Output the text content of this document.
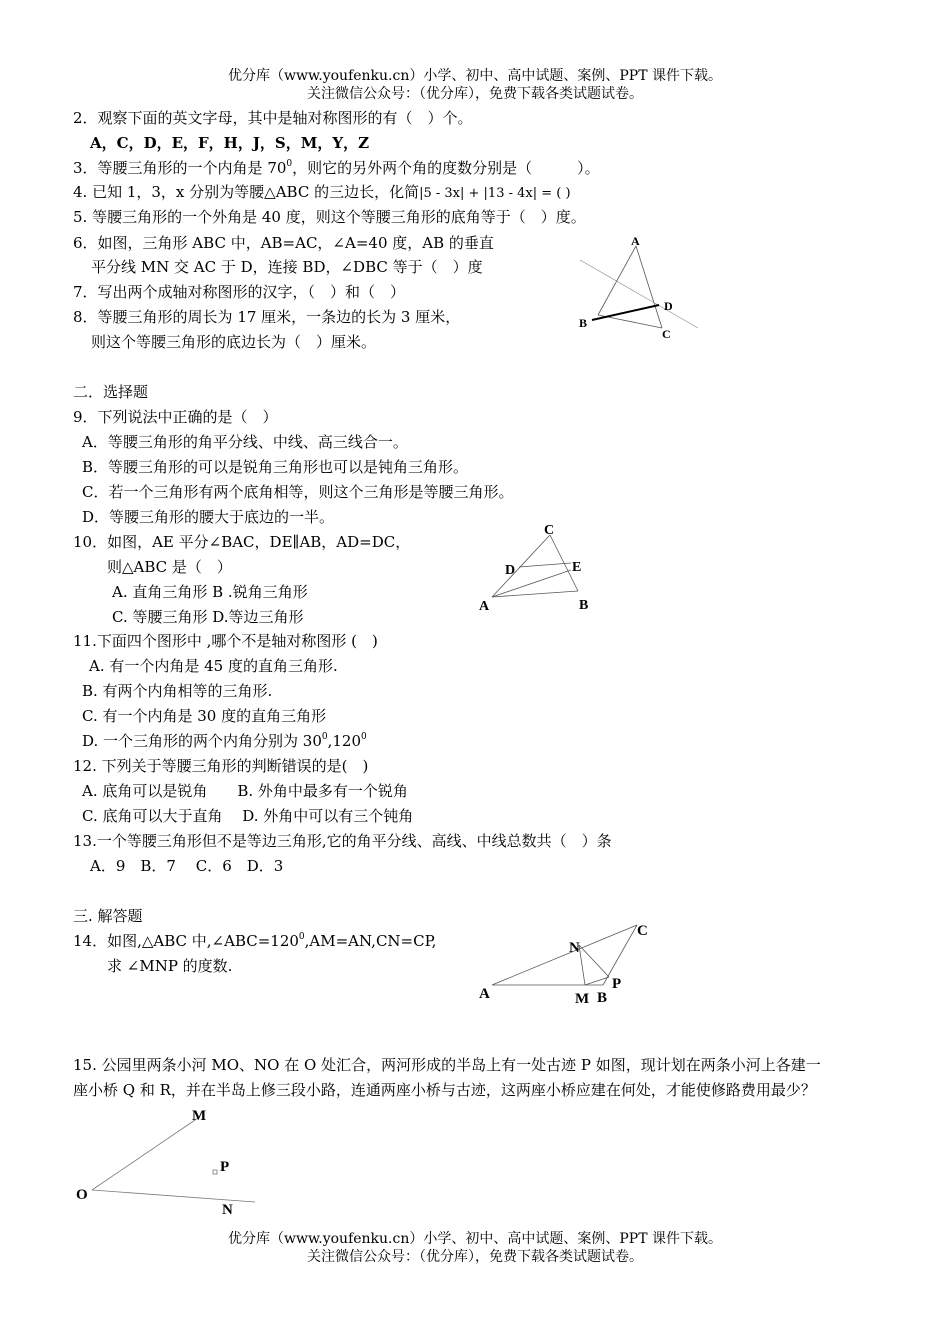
优分库（www.youfenku.cn）小学、初中、高中试题、案例、PPT 课件下载。
关注微信公众号：（优分库），免费下载各类试题试卷。
2．观察下面的英文字母，其中是轴对称图形的有（　）个。
A，C，D，E，F，H，J，S，M，Y，Z
3．等腰三角形的一个内角是 $70^0$，则它的另外两个角的度数分别是（　　　）。
4. 已知 1，3，x 分别为等腰△ABC 的三边长，化简|5 - 3x| + |13 - 4x| = ( )
5. 等腰三角形的一个外角是 40 度，则这个等腰三角形的底角等于（　）度。
6．如图，三角形 ABC 中，AB=AC，∠A=40 度，AB 的垂直
平分线 MN 交 AC 于 D，连接 BD，∠DBC 等于（　）度
7．写出两个成轴对称图形的汉字，（　）和（　）
8．等腰三角形的周长为 17 厘米，一条边的长为 3 厘米，
则这个等腰三角形的底边长为（　）厘米。
A
B
C
D
二．选择题
9．下列说法中正确的是（　）
A．等腰三角形的角平分线、中线、高三线合一。
B．等腰三角形的可以是锐角三角形也可以是钝角三角形。
C．若一个三角形有两个底角相等，则这个三角形是等腰三角形。
D．等腰三角形的腰大于底边的一半。
10．如图，AE 平分∠BAC，DE∥AB，AD=DC，
则△ABC 是（　）
A. 直角三角形 B .锐角三角形
C. 等腰三角形 D.等边三角形
C
D	E
A	B
11.下面四个图形中 ,哪个不是轴对称图形 (　)
A. 有一个内角是 45 度的直角三角形.
B. 有两个内角相等的三角形.
C. 有一个内角是 30 度的直角三角形
D. 一个三角形的两个内角分别为 $30^0,120^0$
12. 下列关于等腰三角形的判断错误的是(　)
A. 底角可以是锐角　　B. 外角中最多有一个锐角
C. 底角可以大于直角　 D. 外角中可以有三个钝角
13.一个等腰三角形但不是等边三角形,它的角平分线、高线、中线总数共（　）条
A．9　B．7　 C．6　D．3
三. 解答题
14．如图,△ABC 中$,\angle ABC=120^0,AM=AN,CN=CP$,
求 ∠MNP 的度数.
N
C
A	M B
P
15. 公园里两条小河 MO、NO 在 O 处汇合，两河形成的半岛上有一处古迹 P 如图，现计划在两条小河上各建一
座小桥 Q 和 R，并在半岛上修三段小路，连通两座小桥与古迹，这两座小桥应建在何处，才能使修路费用最少？
M
P
O
N
优分库（www.youfenku.cn）小学、初中、高中试题、案例、PPT 课件下载。
关注微信公众号：（优分库），免费下载各类试题试卷。
